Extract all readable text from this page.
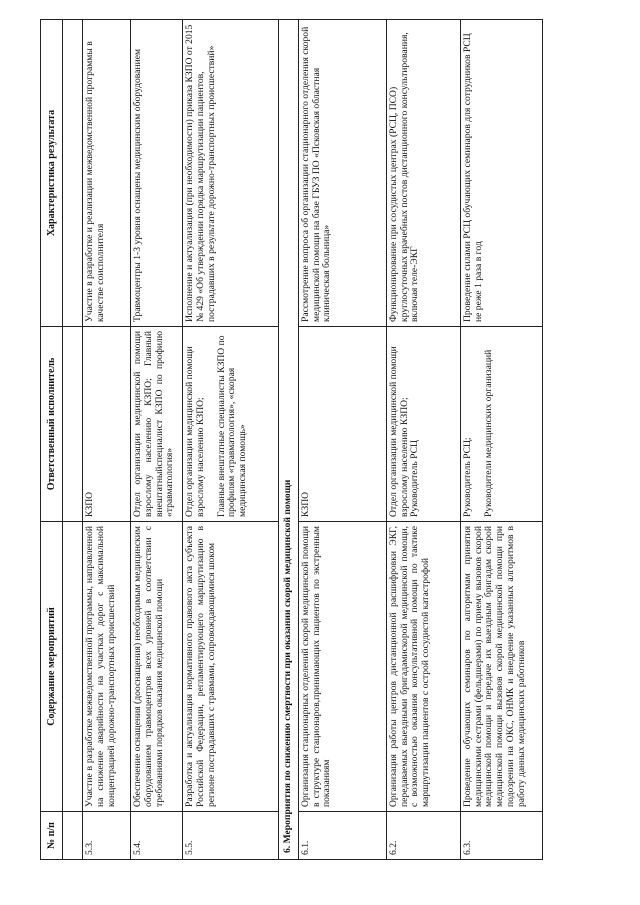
№ п/п	Содержание мероприятий	Ответственный исполнитель	Характеристика результата

5.3.	Участие в разработке межведомственной программы, направленной на снижение аварийности на участках дорог с максимальной концентрацией дорожно-транспортных происшествий	КЗПО	Участие в разработке и реализации межведомственной программы в качестве соисполнителя
5.4.	Обеспечение оснащения (дооснащения) необходимым медицинским оборудованием травмоцентров всех уровней в соответствии с требованиями порядков оказания медицинской помощи	Отдел организации медицинской помощи взрослому населению КЗПО; Главный внештатныйспециалист КЗПО по профилю «травматология»	Травмоцентры 1-3 уровня оснащены медицинским оборудованием
5.5.	Разработка и актуализация нормативного правового акта субъекта Российской Федерации, регламентирующего маршрутизацию в регионе пострадавших с травмами, сопровождающимися шоком	Отдел организации медицинской помощи взрослому населению КЗПО; Главные внештатные специалисты КЗПО по профилям «травматология», «скорая медицинская помощь»	Исполнение и актуализация (при необходимости) приказа КЗПО от 2015 № 429 «Об утверждении порядка маршрутизации пациентов, пострадавших в результате дорожно-транспортных происшествий»
6. Мероприятия по снижению смертности при оказании скорой медицинской помощи			
6.1.	Организация стационарных отделений скорой медицинской помощи в структуре стационаров,принимающих пациентов по экстренным показаниям	КЗПО	Рассмотрение вопроса об организации стационарного отделения скорой медицинской помощи на базе ГБУЗ ПО «Псковская областная клиническая больница»
6.2.	Организация работы центров дистанционной расшифровки ЭКГ, передаваемых выездными бригадамискорой медицинской помощи, с возможностью оказания консультативной помощи по тактике маршрутизации пациентов с острой сосудистой катастрофой	Отдел организации медицинской помощи взрослому населению КЗПО; Руководитель РСЦ	Функционирование при сосудистых центрах (РСЦ, ПСО) круглосуточных врачебных постов дистанционного консультирования, включая теле-ЭКГ
6.3.	Проведение обучающих семинаров по алгоритмам принятия медицинскими сестрами (фельдшерами) по приему вызовов скорой медицинской помощи и передаче их выездным бригадам скорой медицинской помощи вызовов скорой медицинской помощи при подозрении на ОКС, ОНМК и внедрение указанных алгоритмов в работу данных медицинских работников	Руководитель РСЦ; Руководители медицинских организаций	Проведение силами РСЦ обучающих семинаров для сотрудников РСЦ не реже 1 раза в год
